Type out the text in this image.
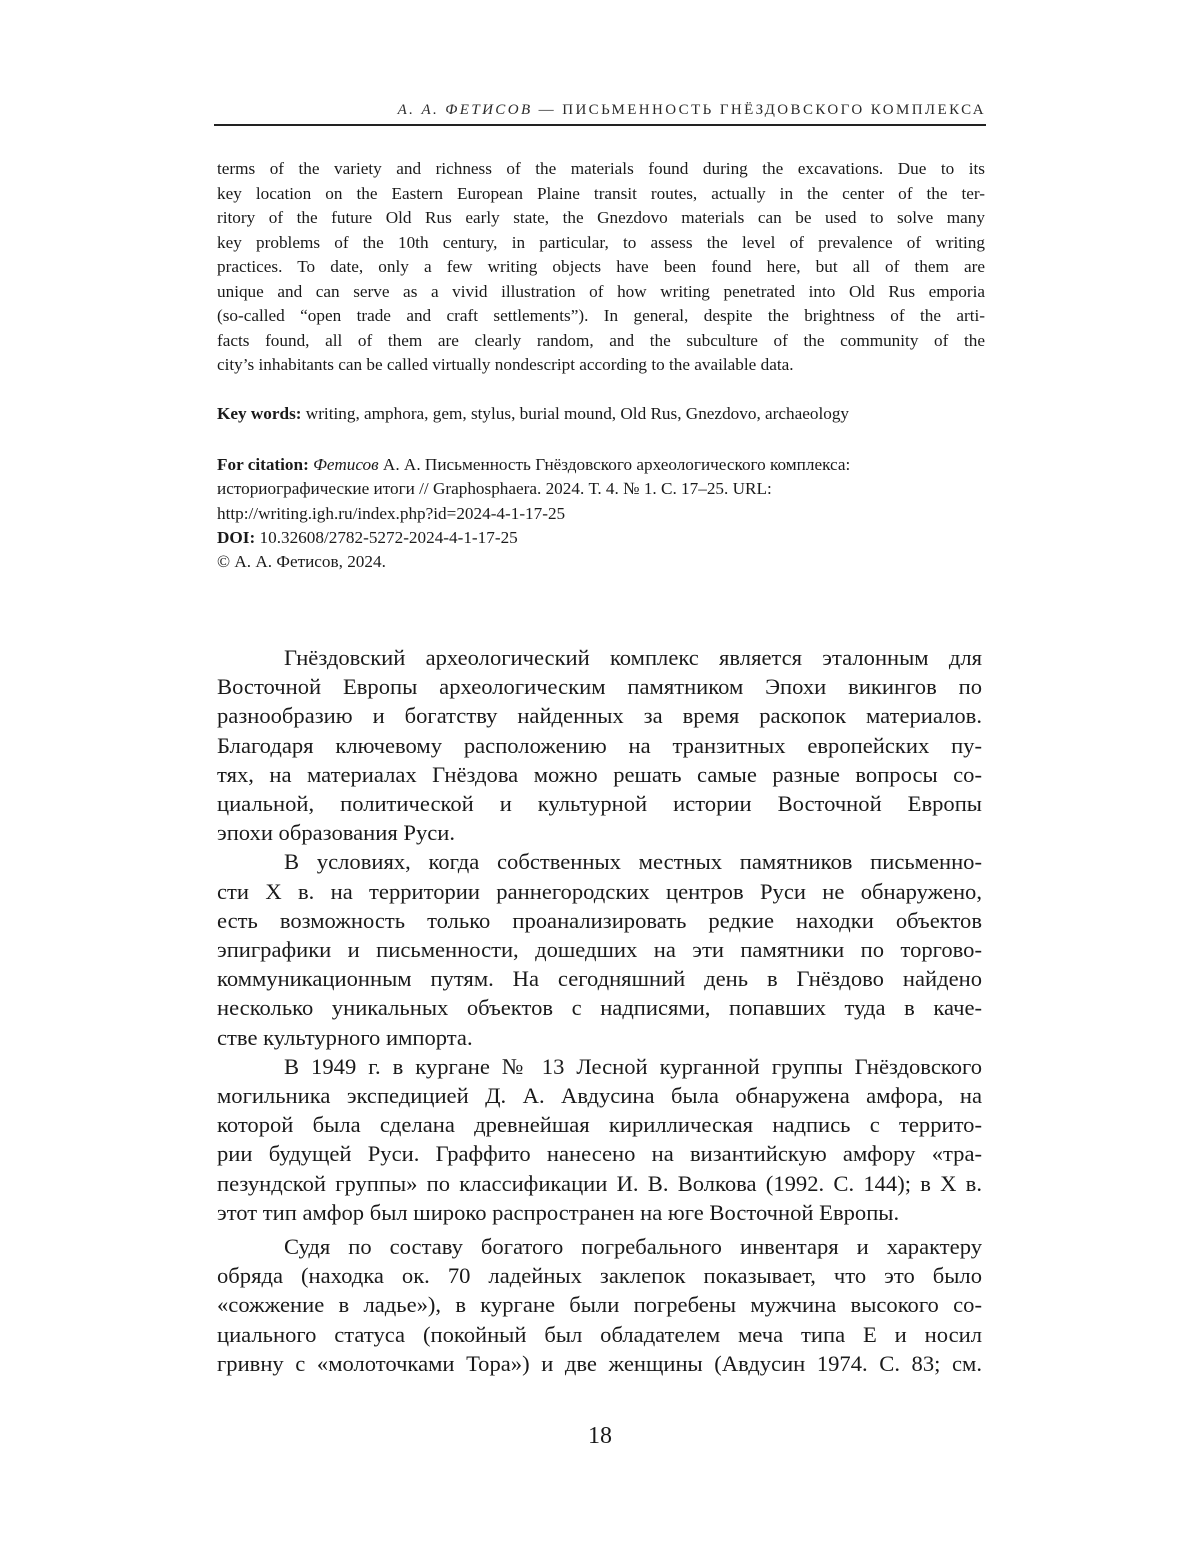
А. А. ФЕТИСОВ — ПИСЬМЕННОСТЬ ГНЁЗДОВСКОГО КОМПЛЕКСА

terms of the variety and richness of the materials found during the excavations. Due to its
key location on the Eastern European Plaine transit routes, actually in the center of the ter-
ritory of the future Old Rus early state, the Gnezdovo materials can be used to solve many
key problems of the 10th century, in particular, to assess the level of prevalence of writing
practices. To date, only a few writing objects have been found here, but all of them are
unique and can serve as a vivid illustration of how writing penetrated into Old Rus emporia
(so-called “open trade and craft settlements”). In general, despite the brightness of the arti-
facts found, all of them are clearly random, and the subculture of the community of the
city’s inhabitants can be called virtually nondescript according to the available data.

Key words: writing, amphora, gem, stylus, burial mound, Old Rus, Gnezdovo, archaeology
For citation: Фетисов А. А. Письменность Гнёздовского археологического комплекса:
историографические итоги // Graphosphaera. 2024. Т. 4. № 1. С. 17–25. URL:
http://writing.igh.ru/index.php?id=2024-4-1-17-25
DOI: 10.32608/2782-5272-2024-4-1-17-25
© А. А. Фетисов, 2024.

Гнёздовский археологический комплекс является эталонным для
Восточной Европы археологическим памятником Эпохи викингов по
разнообразию и богатству найденных за время раскопок материалов.
Благодаря ключевому расположению на транзитных европейских пу-
тях, на материалах Гнёздова можно решать самые разные вопросы со-
циальной, политической и культурной истории Восточной Европы
эпохи образования Руси.

В условиях, когда собственных местных памятников письменно-
сти X в. на территории раннегородских центров Руси не обнаружено,
есть возможность только проанализировать редкие находки объектов
эпиграфики и письменности, дошедших на эти памятники по торгово-
коммуникационным путям. На сегодняшний день в Гнёздово найдено
несколько уникальных объектов с надписями, попавших туда в каче-
стве культурного импорта.

В 1949 г. в кургане № 13 Лесной курганной группы Гнёздовского
могильника экспедицией Д. А. Авдусина была обнаружена амфора, на
которой была сделана древнейшая кириллическая надпись с террито-
рии будущей Руси. Граффито нанесено на византийскую амфору «тра-
пезундской группы» по классификации И. В. Волкова (1992. С. 144); в X в.
этот тип амфор был широко распространен на юге Восточной Европы.

Судя по составу богатого погребального инвентаря и характеру
обряда (находка ок. 70 ладейных заклепок показывает, что это было
«сожжение в ладье»), в кургане были погребены мужчина высокого со-
циального статуса (покойный был обладателем меча типа E и носил
гривну с «молоточками Тора») и две женщины (Авдусин 1974. С. 83; см.

18
